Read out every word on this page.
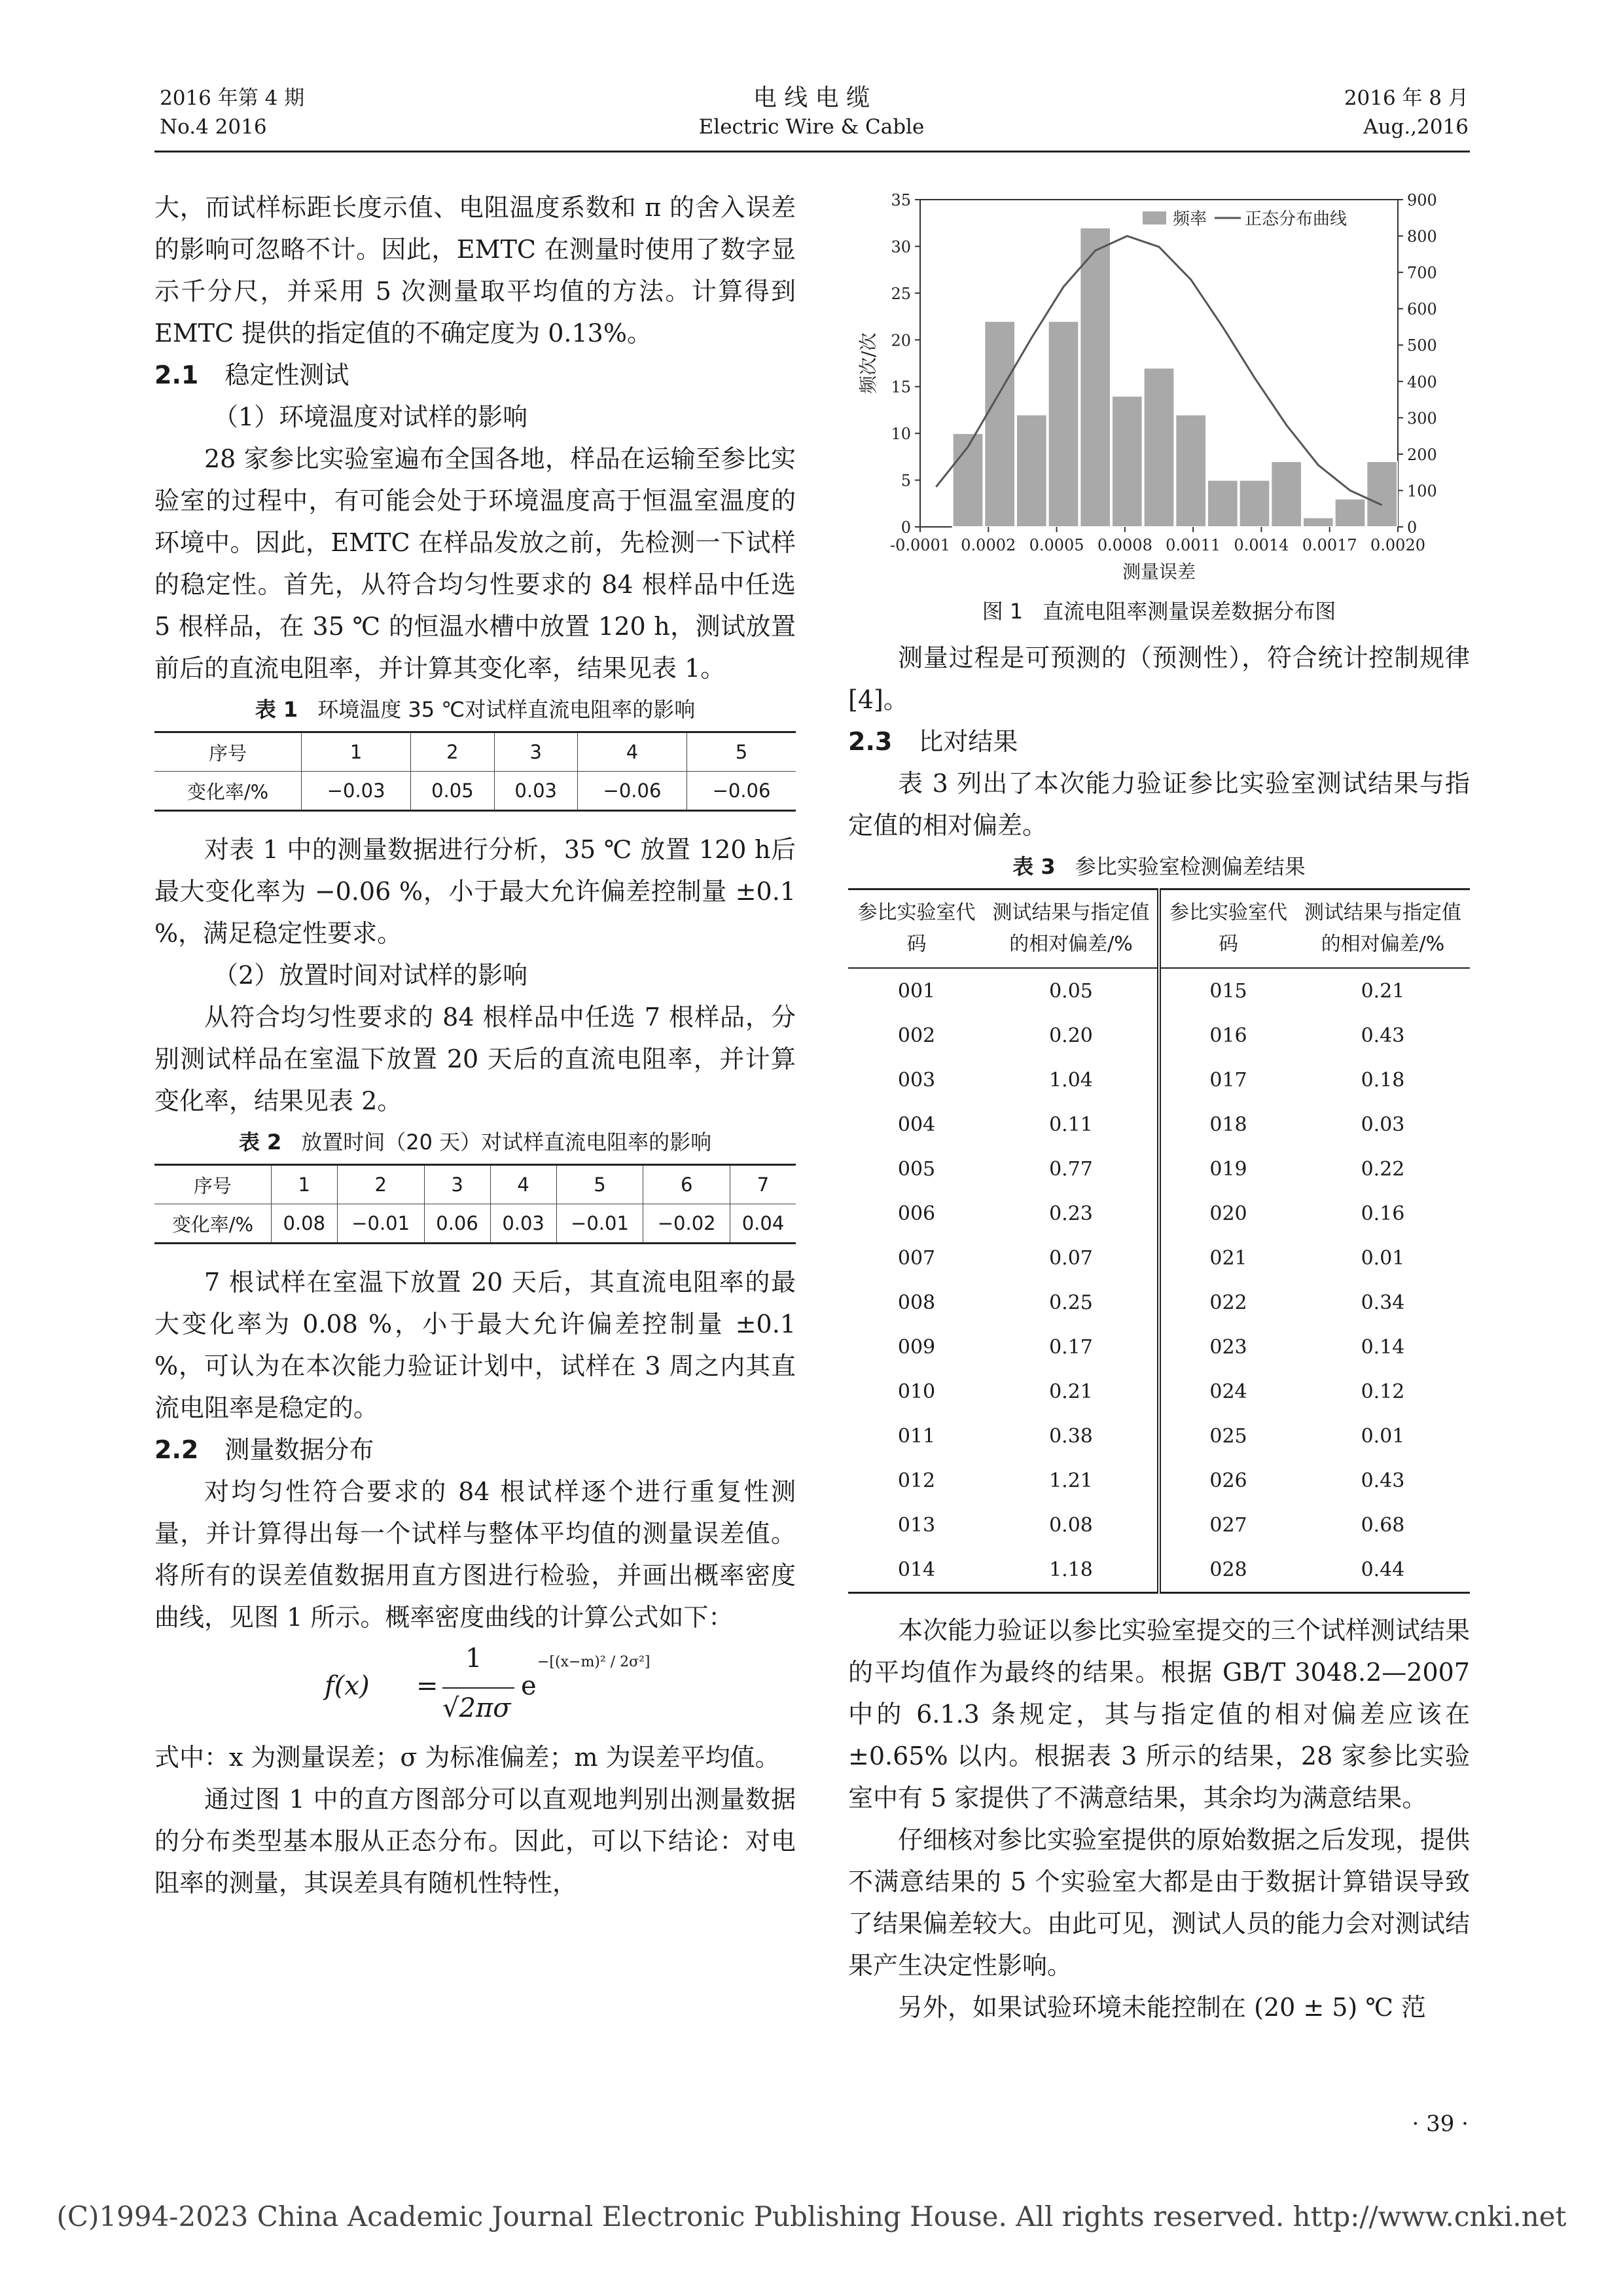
2016 年第 4 期
No.4 2016
电 线 电 缆
Electric Wire & Cable
2016 年 8 月
Aug.,2016

大，而试样标距长度示值、电阻温度系数和 π 的舍入误差的影响可忽略不计。因此，EMTC 在测量时使用了数字显示千分尺，并采用 5 次测量取平均值的方法。计算得到 EMTC 提供的指定值的不确定度为 0.13%。

2.1 稳定性测试

（1）环境温度对试样的影响

28 家参比实验室遍布全国各地，样品在运输至参比实验室的过程中，有可能会处于环境温度高于恒温室温度的环境中。因此，EMTC 在样品发放之前，先检测一下试样的稳定性。首先，从符合均匀性要求的 84 根样品中任选 5 根样品，在 35 ℃ 的恒温水槽中放置 120 h，测试放置前后的直流电阻率，并计算其变化率，结果见表 1。

表 1 环境温度 35 ℃对试样直流电阻率的影响
序号	1	2	3	4	5
变化率/%	−0.03	0.05	0.03	−0.06	−0.06

对表 1 中的测量数据进行分析，35 ℃ 放置 120 h后最大变化率为 −0.06 %，小于最大允许偏差控制量 ±0.1 %，满足稳定性要求。

（2）放置时间对试样的影响

从符合均匀性要求的 84 根样品中任选 7 根样品，分别测试样品在室温下放置 20 天后的直流电阻率，并计算变化率，结果见表 2。

表 2 放置时间（20 天）对试样直流电阻率的影响
序号	1	2	3	4	5	6	7
变化率/%	0.08	−0.01	0.06	0.03	−0.01	−0.02	0.04

7 根试样在室温下放置 20 天后，其直流电阻率的最大变化率为 0.08 %，小于最大允许偏差控制量 ±0.1 %，可认为在本次能力验证计划中，试样在 3 周之内其直流电阻率是稳定的。

2.2 测量数据分布

对均匀性符合要求的 84 根试样逐个进行重复性测量，并计算得出每一个试样与整体平均值的测量误差值。将所有的误差值数据用直方图进行检验，并画出概率密度曲线，见图 1 所示。概率密度曲线的计算公式如下：

f(x) =
1
√2πσ
e
−[(x−m)² / 2σ²]

式中：x 为测量误差；σ 为标准偏差；m 为误差平均值。

通过图 1 中的直方图部分可以直观地判别出测量数据的分布类型基本服从正态分布。因此，可以下结论：对电阻率的测量，其误差具有随机性特性，

0
5
10
15
20
25
30
35
0
100
200
300
400
500
600
700
800
900
-0.0001 0.0002 0.0005 0.0008 0.0011 0.0014 0.0017 0.0020
测量误差
频次/次
频率 正态分布曲线
图 1 直流电阻率测量误差数据分布图

测量过程是可预测的（预测性），符合统计控制规律[4]。

2.3 比对结果

表 3 列出了本次能力验证参比实验室测试结果与指定值的相对偏差。

表 3 参比实验室检测偏差结果
参比实验室代码	测试结果与指定值的相对偏差/%	参比实验室代码	测试结果与指定值的相对偏差/%
001	0.05	015	0.21
002	0.20	016	0.43
003	1.04	017	0.18
004	0.11	018	0.03
005	0.77	019	0.22
006	0.23	020	0.16
007	0.07	021	0.01
008	0.25	022	0.34
009	0.17	023	0.14
010	0.21	024	0.12
011	0.38	025	0.01
012	1.21	026	0.43
013	0.08	027	0.68
014	1.18	028	0.44

本次能力验证以参比实验室提交的三个试样测试结果的平均值作为最终的结果。根据 GB/T 3048.2—2007 中的 6.1.3 条规定，其与指定值的相对偏差应该在 ±0.65% 以内。根据表 3 所示的结果，28 家参比实验室中有 5 家提供了不满意结果，其余均为满意结果。

仔细核对参比实验室提供的原始数据之后发现，提供不满意结果的 5 个实验室大都是由于数据计算错误导致了结果偏差较大。由此可见，测试人员的能力会对测试结果产生决定性影响。

另外，如果试验环境未能控制在 (20 ± 5) ℃ 范

· 39 ·
(C)1994-2023 China Academic Journal Electronic Publishing House. All rights reserved. http://www.cnki.net
